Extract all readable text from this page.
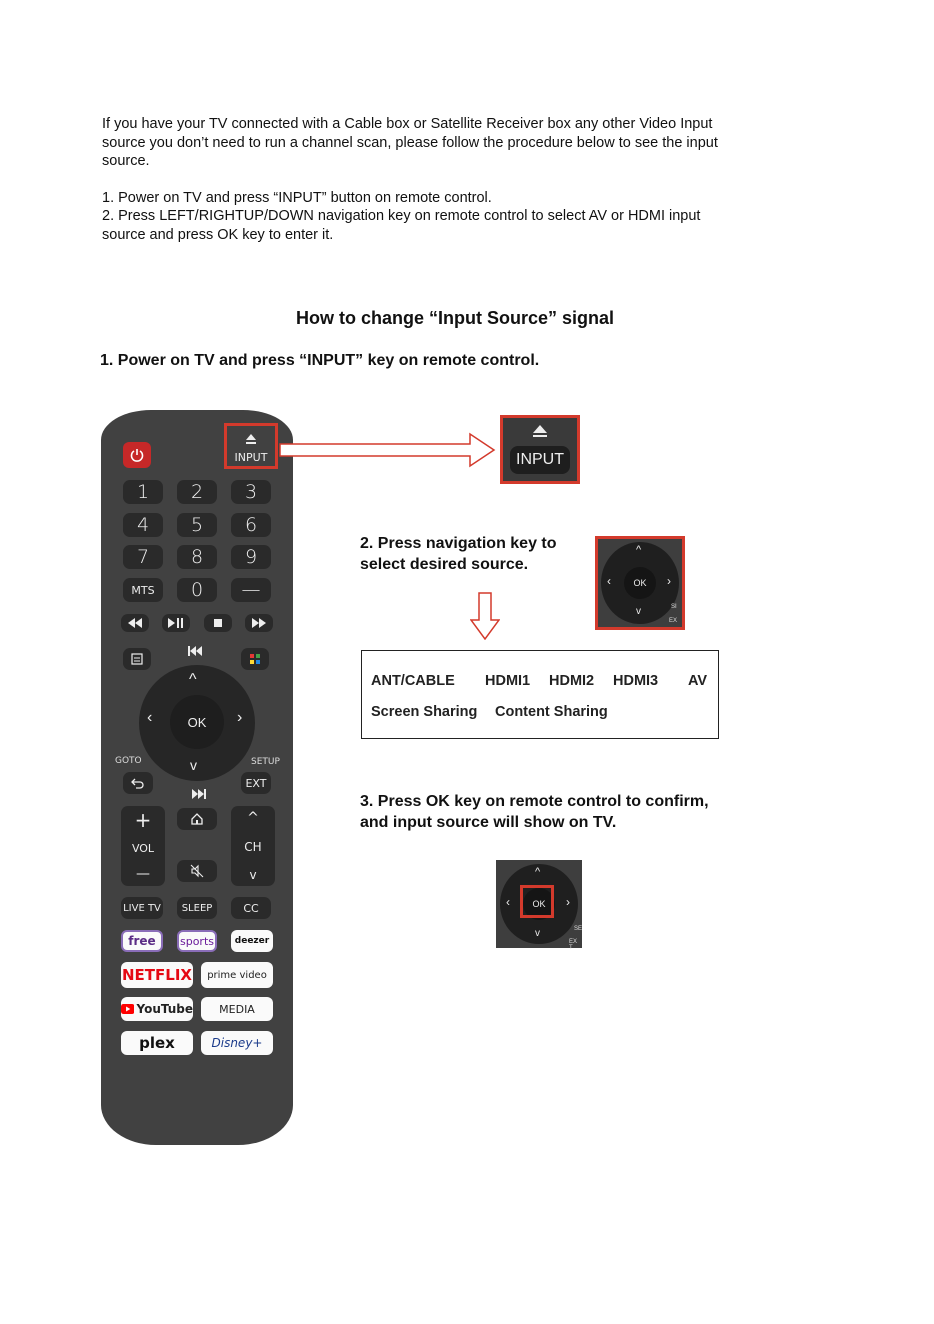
If you have your TV connected with a Cable box or Satellite Receiver box any other Video Input

source you don’t need to run a channel scan, please follow the procedure below to see the input

source.

1. Power on TV and press “INPUT” button on remote control.

2. Press LEFT/RIGHTUP/DOWN navigation key on remote control to select AV or HDMI input

source and press OK key to enter it.

How to change “Input Source” signal
1. Power on TV and press “INPUT” key on remote control.
INPUT
1	2	3
4	5	6
7	8	9
MTS	0	—
^
‹	›
v
OK
GOTO	SETUP
EXT
+
VOL
—
^
CH
v
LIVE TV	SLEEP	CC
free	sports	deezer
NETFLIX	prime video
YouTube	MEDIA
plex	Disney+
INPUT
2. Press navigation key to
select desired source.
^
‹	›
v
OK
SI
EX
ANT/CABLE HDMI1 HDMI2 HDMI3 AV
Screen Sharing Content Sharing
3. Press OK key on remote control to confirm,
and input source will show on TV.
^
‹	›
v
OK
SE
EX T
